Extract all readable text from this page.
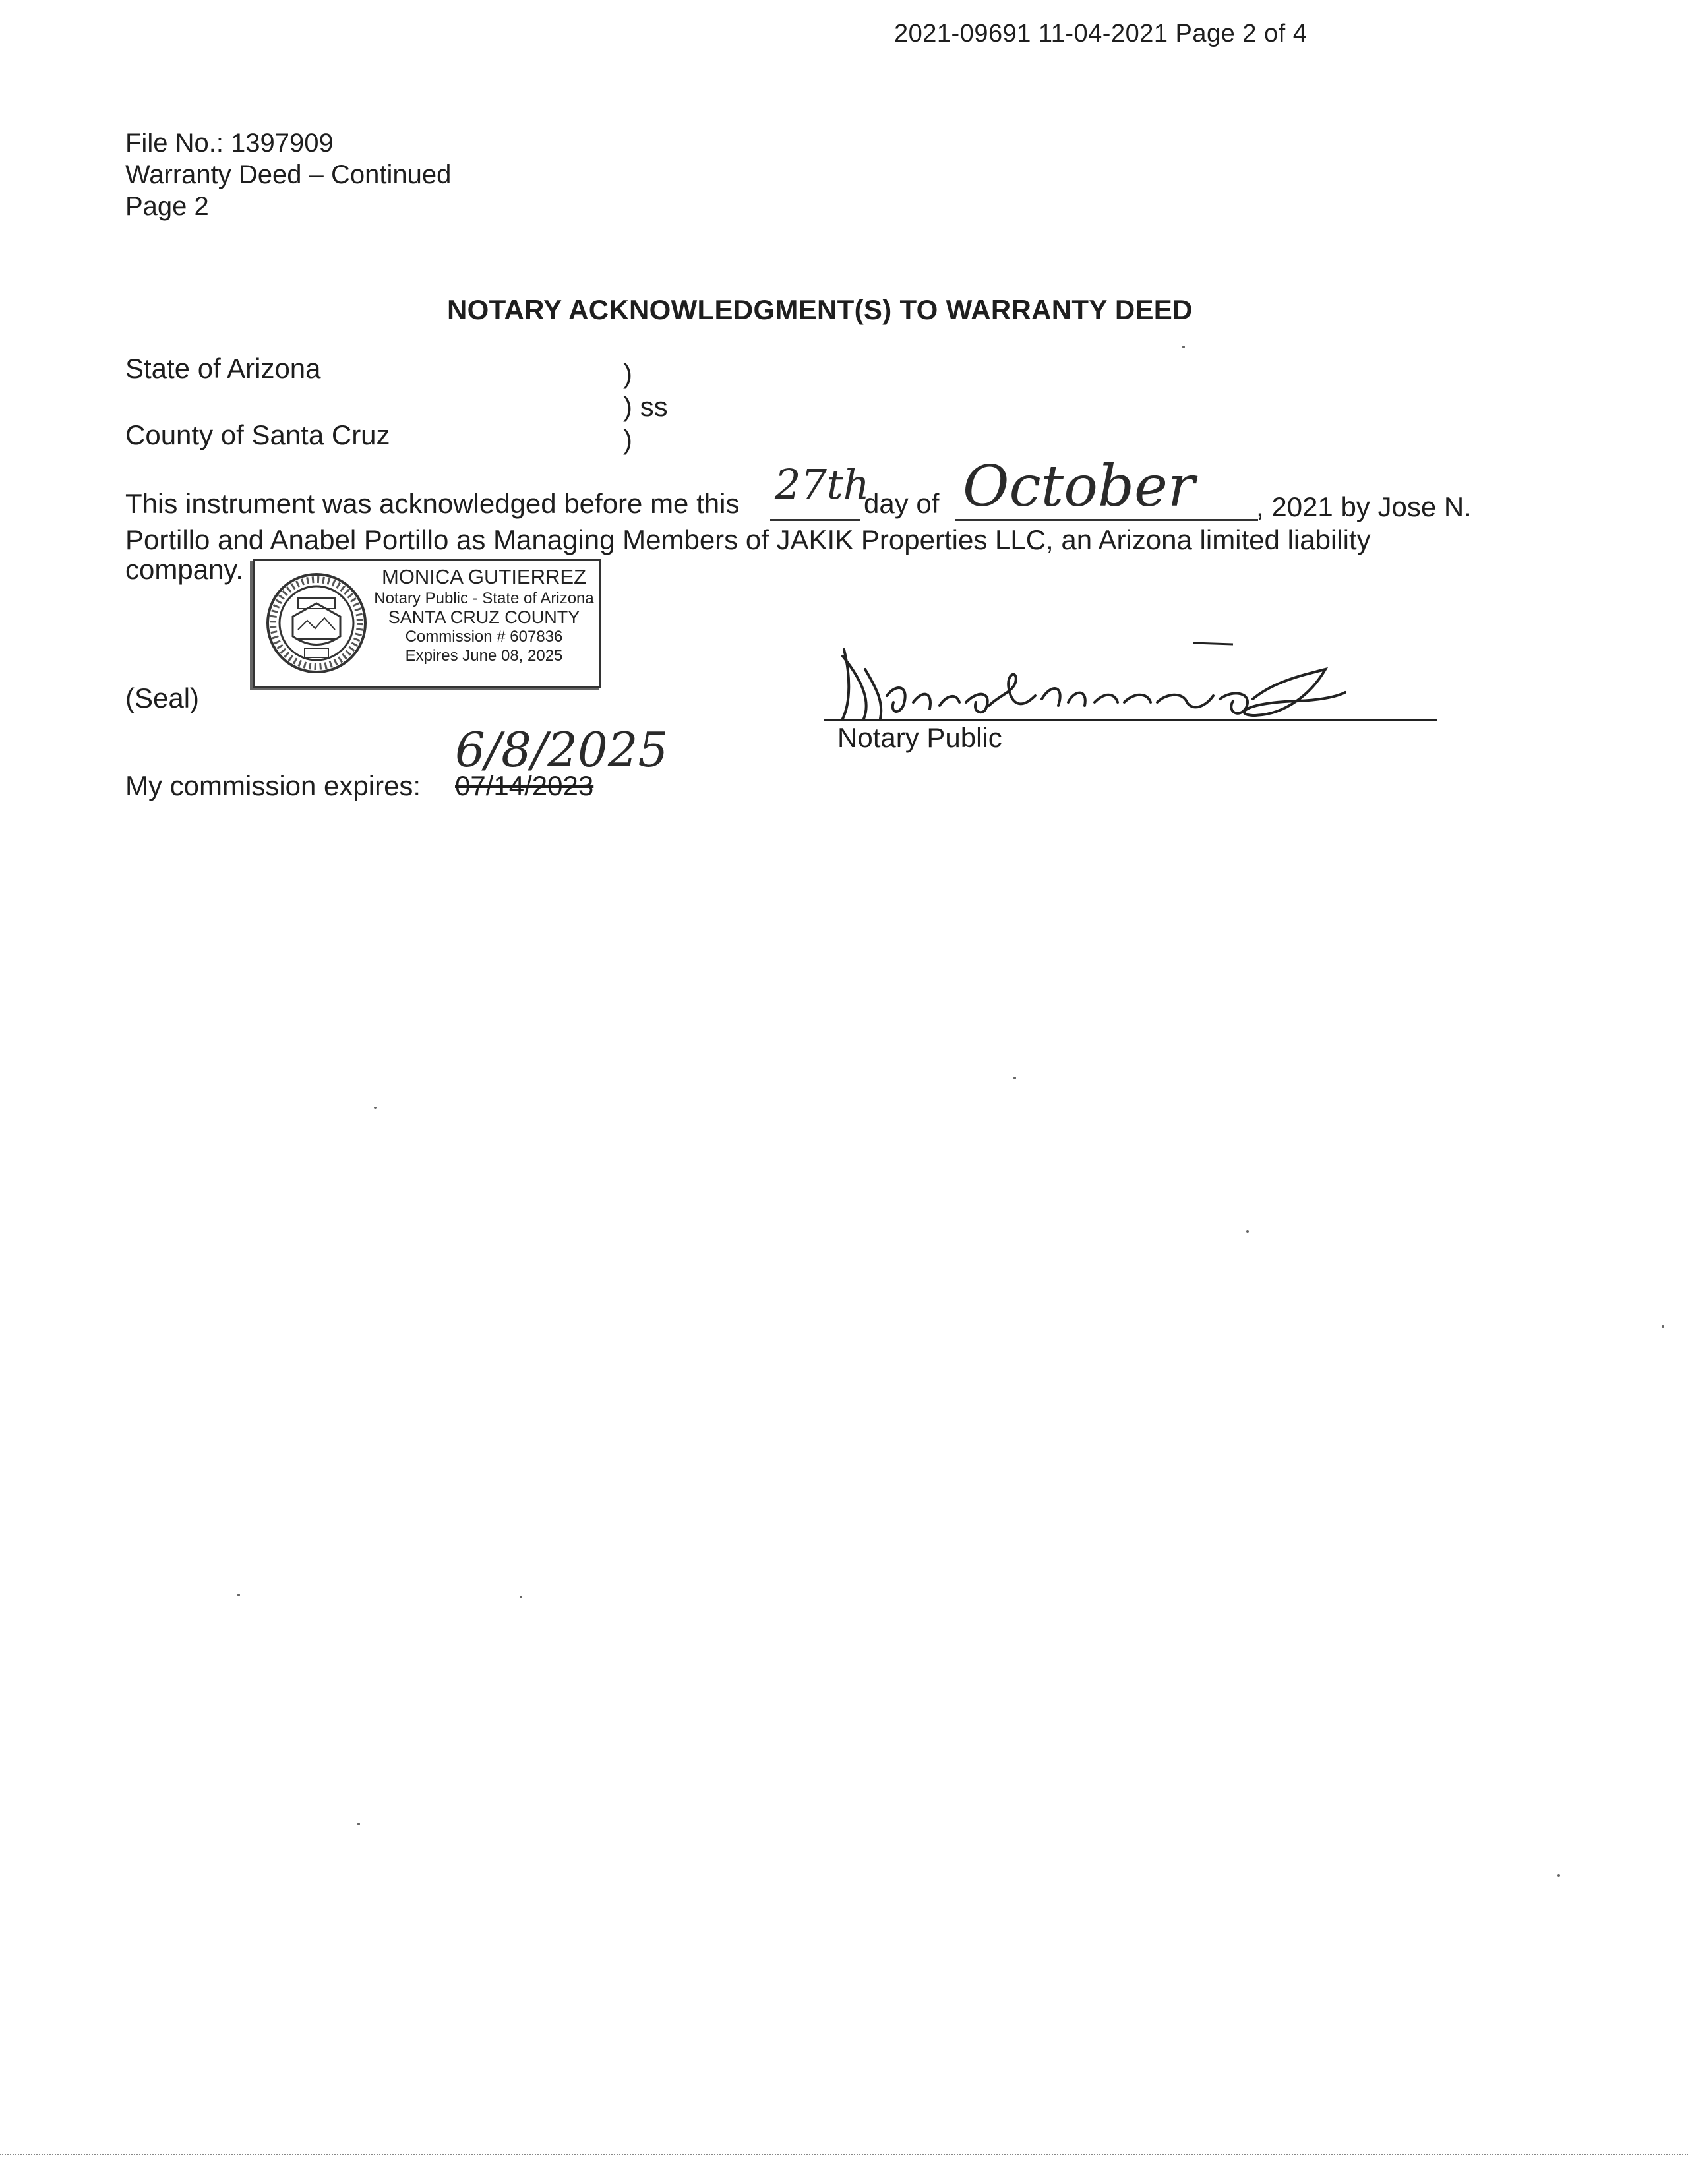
2021-09691 11-04-2021 Page 2 of 4
File No.: 1397909
Warranty Deed – Continued
Page 2
NOTARY ACKNOWLEDGMENT(S) TO WARRANTY DEED
State of Arizona
County of Santa Cruz
)
) ss
)
This instrument was acknowledged before me this 27th
day of October , 2021 by Jose N.
Portillo and Anabel Portillo as Managing Members of JAKIK Properties LLC, an Arizona limited liability
company.	MONICA GUTIERREZ
Notary Public - State of Arizona
SANTA CRUZ COUNTY
Commission # 607836
Expires June 08, 2025
(Seal)
Notary Public
6/8/2025
My commission expires: 07/14/2023
